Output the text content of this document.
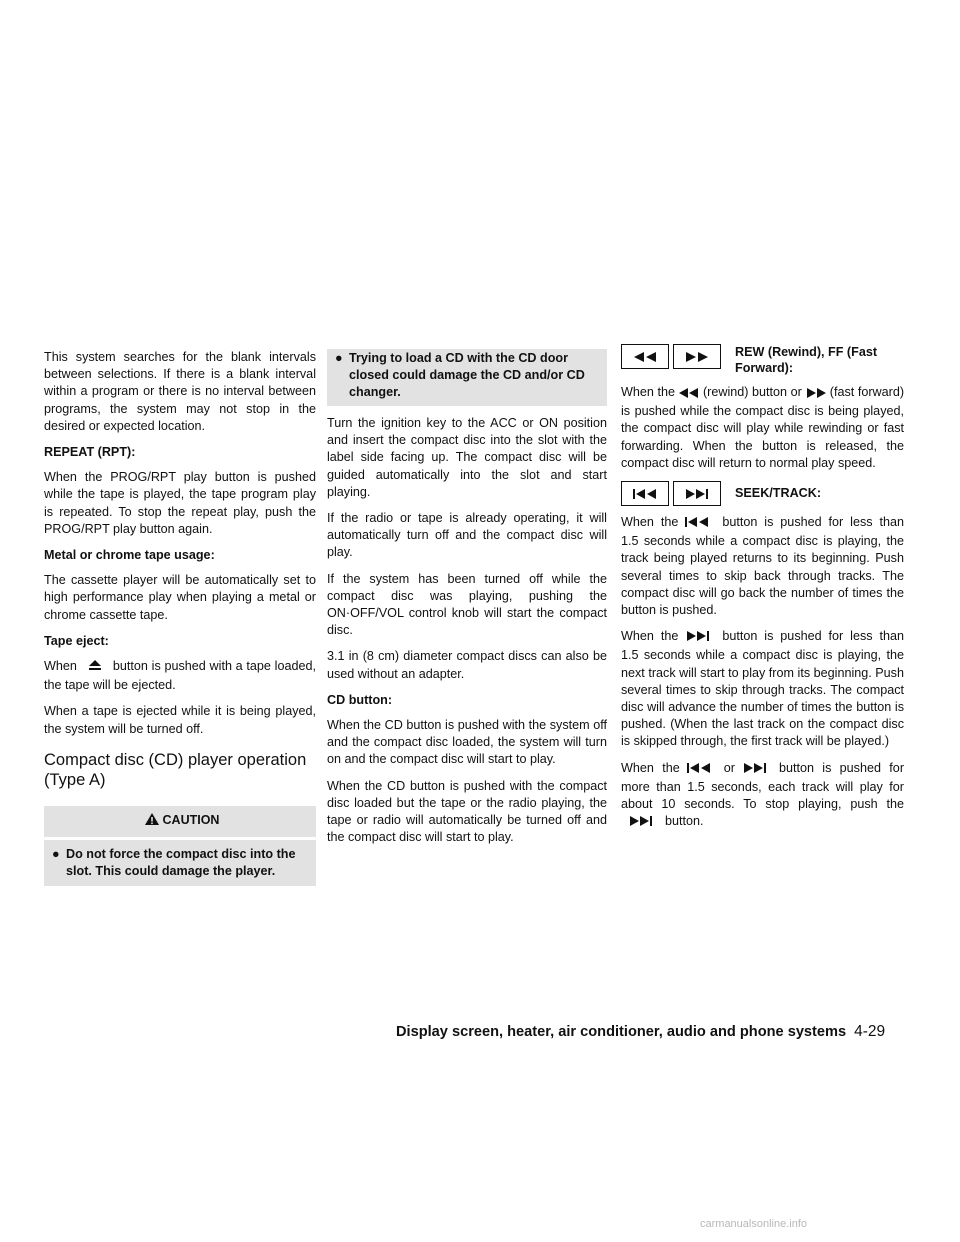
This system searches for the blank intervals between selections. If there is a blank interval within a program or there is no interval between programs, the system may not stop in the desired or expected location.

REPEAT (RPT):

When the PROG/RPT play button is pushed while the tape is played, the tape program play is repeated. To stop the repeat play, push the PROG/RPT play button again.

Metal or chrome tape usage:

The cassette player will be automatically set to high performance play when playing a metal or chrome cassette tape.

Tape eject:

When	button is pushed with a tape loaded, the tape will be ejected.

When a tape is ejected while it is being played, the system will be turned off.

Compact disc (CD) player operation (Type A)
CAUTION
● Do not force the compact disc into the slot. This could damage the player.
● Trying to load a CD with the CD door closed could damage the CD and/or CD changer.

Turn the ignition key to the ACC or ON position and insert the compact disc into the slot with the label side facing up. The compact disc will be guided automatically into the slot and start playing.

If the radio or tape is already operating, it will automatically turn off and the compact disc will play.

If the system has been turned off while the compact disc was playing, pushing the ON·OFF/VOL control knob will start the compact disc.

3.1 in (8 cm) diameter compact discs can also be used without an adapter.

CD button:

When the CD button is pushed with the system off and the compact disc loaded, the system will turn on and the compact disc will start to play.

When the CD button is pushed with the compact disc loaded but the tape or the radio playing, the tape or radio will automatically be turned off and the compact disc will start to play.

REW (Rewind), FF (Fast Forward):

When the (rewind) button or (fast forward) is pushed while the compact disc is being played, the compact disc will play while rewinding or fast forwarding. When the button is released, the compact disc will return to normal play speed.

SEEK/TRACK:

When the	button is pushed for less than 1.5 seconds while a compact disc is playing, the track being played returns to its beginning. Push several times to skip back through tracks. The compact disc will go back the number of times the button is pushed.

When the	button is pushed for less than 1.5 seconds while a compact disc is playing, the next track will start to play from its beginning. Push several times to skip through tracks. The compact disc will advance the number of times the button is pushed. (When the last track on the compact disc is skipped through, the first track will be played.)

When the	or	button is pushed for more than 1.5 seconds, each track will play for about 10 seconds. To stop playing, push thebutton.

Display screen, heater, air conditioner, audio and phone systems 4-29
carmanualsonline.info
